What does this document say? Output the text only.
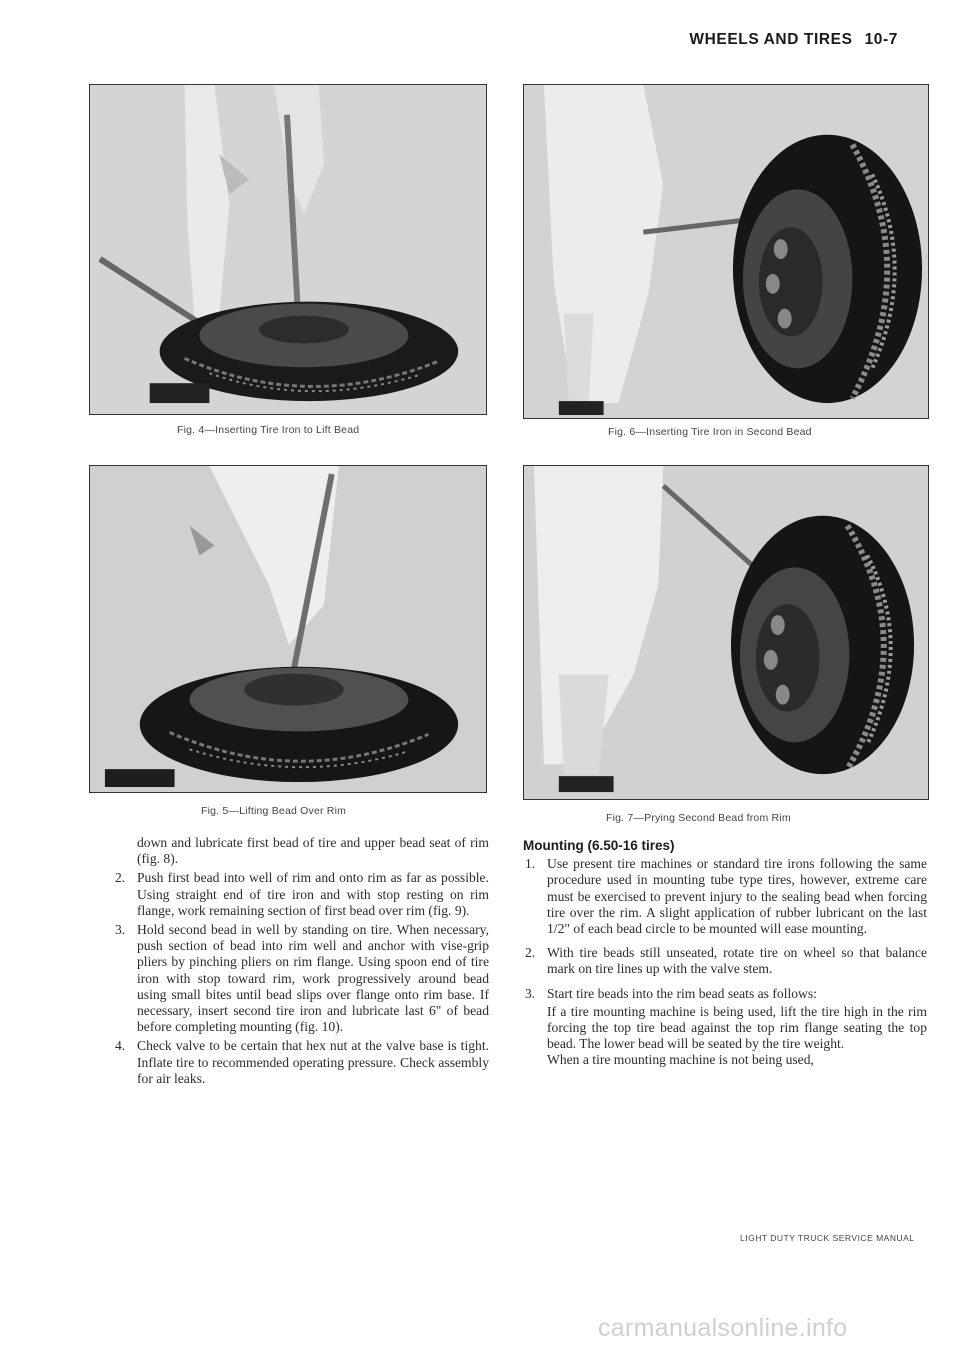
WHEELS AND TIRES 10-7
Fig. 4—Inserting Tire Iron to Lift Bead
Fig. 5—Lifting Bead Over Rim
Fig. 6—Inserting Tire Iron in Second Bead
Fig. 7—Prying Second Bead from Rim

down and lubricate first bead of tire and upper bead seat of rim (fig. 8).

2. Push first bead into well of rim and onto rim as far as possible. Using straight end of tire iron and with stop resting on rim flange, work remaining section of first bead over rim (fig. 9).
3. Hold second bead in well by standing on tire. When necessary, push section of bead into rim well and anchor with vise-grip pliers by pinching pliers on rim flange. Using spoon end of tire iron with stop toward rim, work progressively around bead using small bites until bead slips over flange onto rim base. If necessary, insert second tire iron and lubricate last 6" of bead before completing mounting (fig. 10).
4. Check valve to be certain that hex nut at the valve base is tight. Inflate tire to recommended operating pressure. Check assembly for air leaks.
Mounting (6.50-16 tires)
1. Use present tire machines or standard tire irons following the same procedure used in mounting tube type tires, however, extreme care must be exercised to prevent injury to the sealing bead when forcing tire over the rim. A slight application of rubber lubricant on the last 1/2" of each bead circle to be mounted will ease mounting.
2. With tire beads still unseated, rotate tire on wheel so that balance mark on tire lines up with the valve stem.
3. Start tire beads into the rim bead seats as follows:

If a tire mounting machine is being used, lift the tire high in the rim forcing the top tire bead against the top rim flange seating the top bead. The lower bead will be seated by the tire weight.

When a tire mounting machine is not being used,

LIGHT DUTY TRUCK SERVICE MANUAL
carmanualsonline.info
